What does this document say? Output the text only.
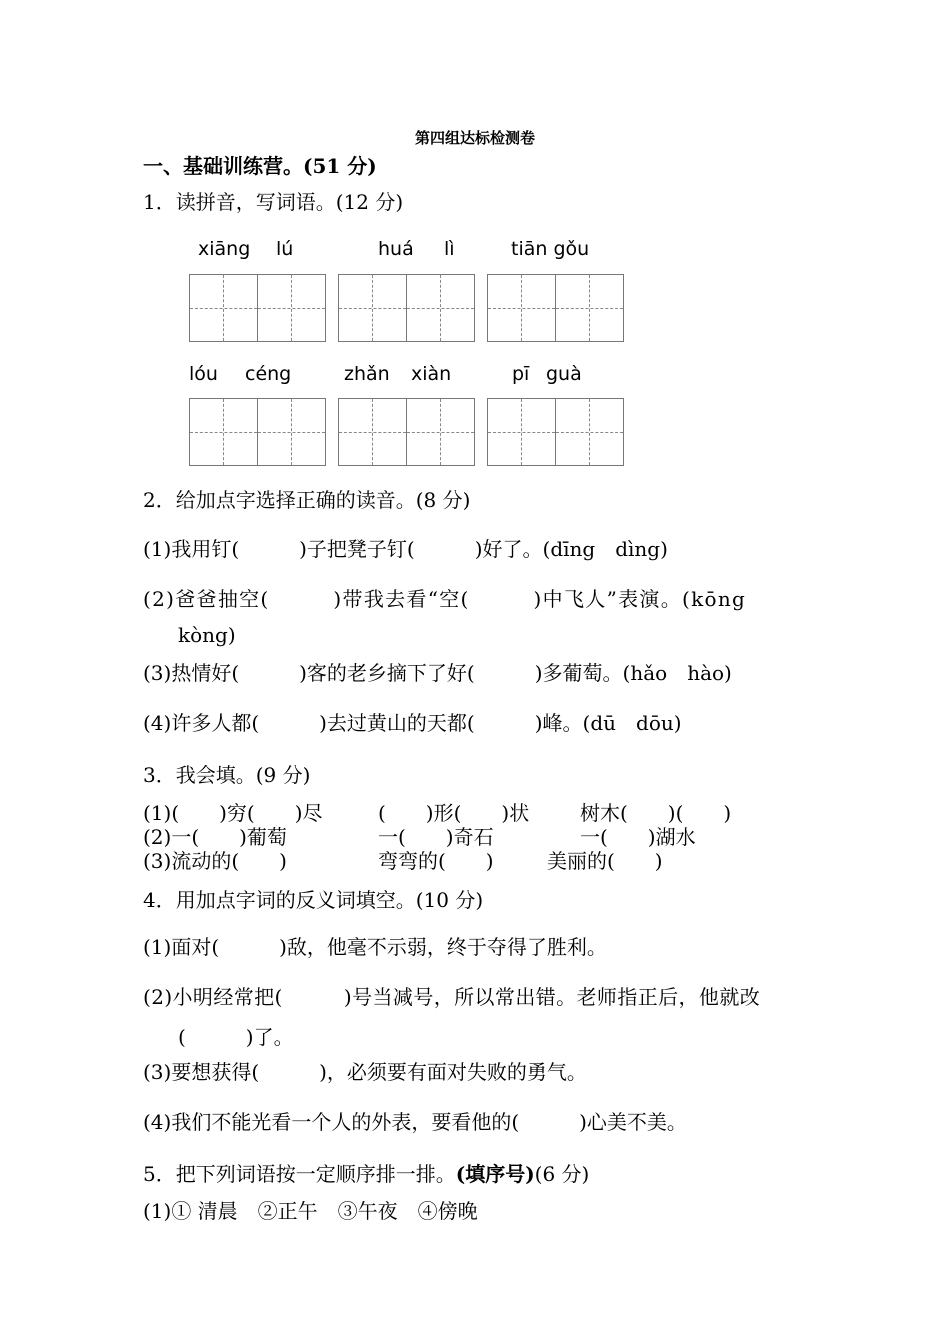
第四组达标检测卷
一、基础训练营。(51 分)
1．读拼音，写词语。(12 分)
xiāng lú	huá lì	tiān gǒu
lóu céng	zhǎn xiàn	pī guà
2．给加点字选择正确的读音。(8 分)
(1)我用钉(　　　)子把凳子钉(　　　)好了。(dīng　dìng)
(2)爸爸抽空(　　　)带我去看“空(　　　)中飞人”表演。(kōng
kòng)
(3)热情好(　　　)客的老乡摘下了好(　　　)多葡萄。(hǎo　hào)
(4)许多人都(　　　)去过黄山的天都(　　　)峰。(dū　dōu)
3．我会填。(9 分)
(1)(　　)穷(　　)尽	(　　)形(　　)状	树木(　　)(　　)
(2)一(　　)葡萄	一(　　)奇石	一(　　)湖水
(3)流动的(　　)	弯弯的(　　)	美丽的(　　)
4．用加点字词的反义词填空。(10 分)
(1)面对(　　　)敌，他毫不示弱，终于夺得了胜利。
(2)小明经常把(　　　)号当减号，所以常出错。老师指正后，他就改
(　　　)了。
(3)要想获得(　　　)，必须要有面对失败的勇气。
(4)我们不能光看一个人的外表，要看他的(　　　)心美不美。
5．把下列词语按一定顺序排一排。(填序号)(6 分)
(1)① 清晨　②正午　③午夜　④傍晚
